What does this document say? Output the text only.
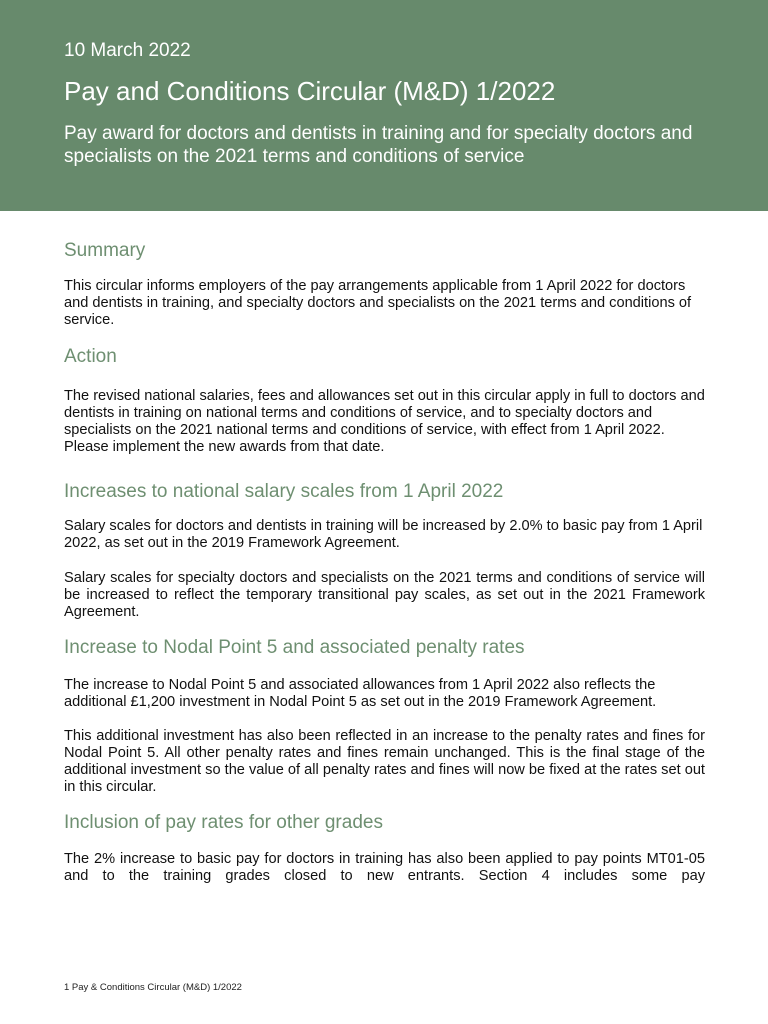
10 March 2022
Pay and Conditions Circular (M&D) 1/2022
Pay award for doctors and dentists in training and for specialty doctors and specialists on the 2021 terms and conditions of service
Summary

This circular informs employers of the pay arrangements applicable from 1 April 2022 for doctors and dentists in training, and specialty doctors and specialists on the 2021 terms and conditions of service.

Action

The revised national salaries, fees and allowances set out in this circular apply in full to doctors and dentists in training on national terms and conditions of service, and to specialty doctors and specialists on the 2021 national terms and conditions of service, with effect from 1 April 2022. Please implement the new awards from that date.

Increases to national salary scales from 1 April 2022

Salary scales for doctors and dentists in training will be increased by 2.0% to basic pay from 1 April 2022, as set out in the 2019 Framework Agreement.

Salary scales for specialty doctors and specialists on the 2021 terms and conditions of service will be increased to reflect the temporary transitional pay scales, as set out in the 2021 Framework Agreement.

Increase to Nodal Point 5 and associated penalty rates

The increase to Nodal Point 5 and associated allowances from 1 April 2022 also reflects the additional £1,200 investment in Nodal Point 5 as set out in the 2019 Framework Agreement.

This additional investment has also been reflected in an increase to the penalty rates and fines for Nodal Point 5. All other penalty rates and fines remain unchanged. This is the final stage of the additional investment so the value of all penalty rates and fines will now be fixed at the rates set out in this circular.

Inclusion of pay rates for other grades

The 2% increase to basic pay for doctors in training has also been applied to pay points MT01-05 and to the training grades closed to new entrants. Section 4 includes some pay

1 Pay & Conditions Circular (M&D) 1/2022
